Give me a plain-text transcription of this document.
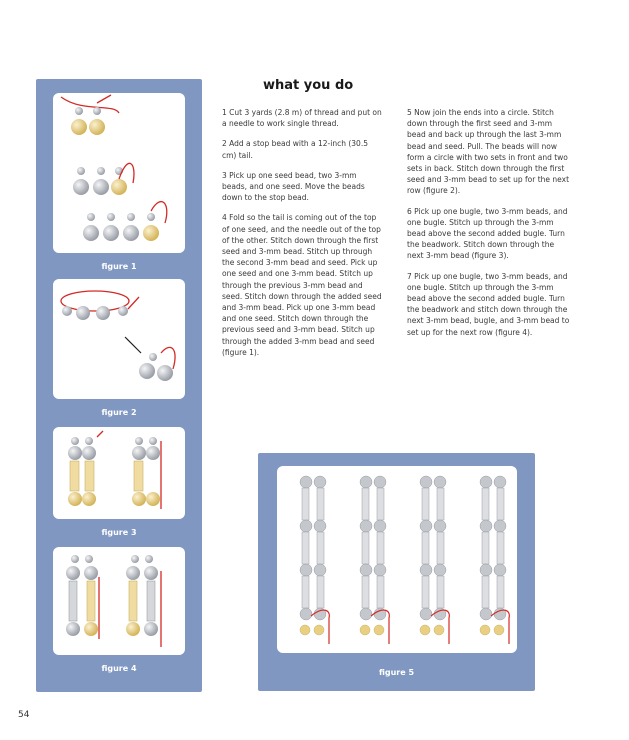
figure 1
figure 2
figure 3
figure 4
what you do

1 Cut 3 yards (2.8 m) of thread and put on a needle to work single thread.

2 Add a stop bead with a 12-inch (30.5 cm) tail.

3 Pick up one seed bead, two 3-mm beads, and one seed. Move the beads down to the stop bead.

4 Fold so the tail is coming out of the top of one seed, and the needle out of the top of the other. Stitch down through the first seed and 3-mm bead. Stitch up through the second 3-mm bead and seed. Pick up one seed and one 3-mm bead. Stitch up through the previous 3-mm bead and seed. Stitch down through the added seed and 3-mm bead. Pick up one 3-mm bead and one seed. Stitch down through the previous seed and 3-mm bead. Stitch up through the added 3-mm bead and seed (figure 1).

5 Now join the ends into a circle. Stitch down through the first seed and 3-mm bead and back up through the last 3-mm bead and seed. Pull. The beads will now form a circle with two sets in front and two sets in back. Stitch down through the first seed and 3-mm bead to set up for the next row (figure 2).

6 Pick up one bugle, two 3-mm beads, and one bugle. Stitch up through the 3-mm bead above the second added bugle. Turn the beadwork. Stitch down through the next 3-mm bead (figure 3).

7 Pick up one bugle, two 3-mm beads, and one bugle. Stitch up through the 3-mm bead above the second added bugle. Turn the beadwork and stitch down through the next 3-mm bead, bugle, and 3-mm bead to set up for the next row (figure 4).

figure 5
54
